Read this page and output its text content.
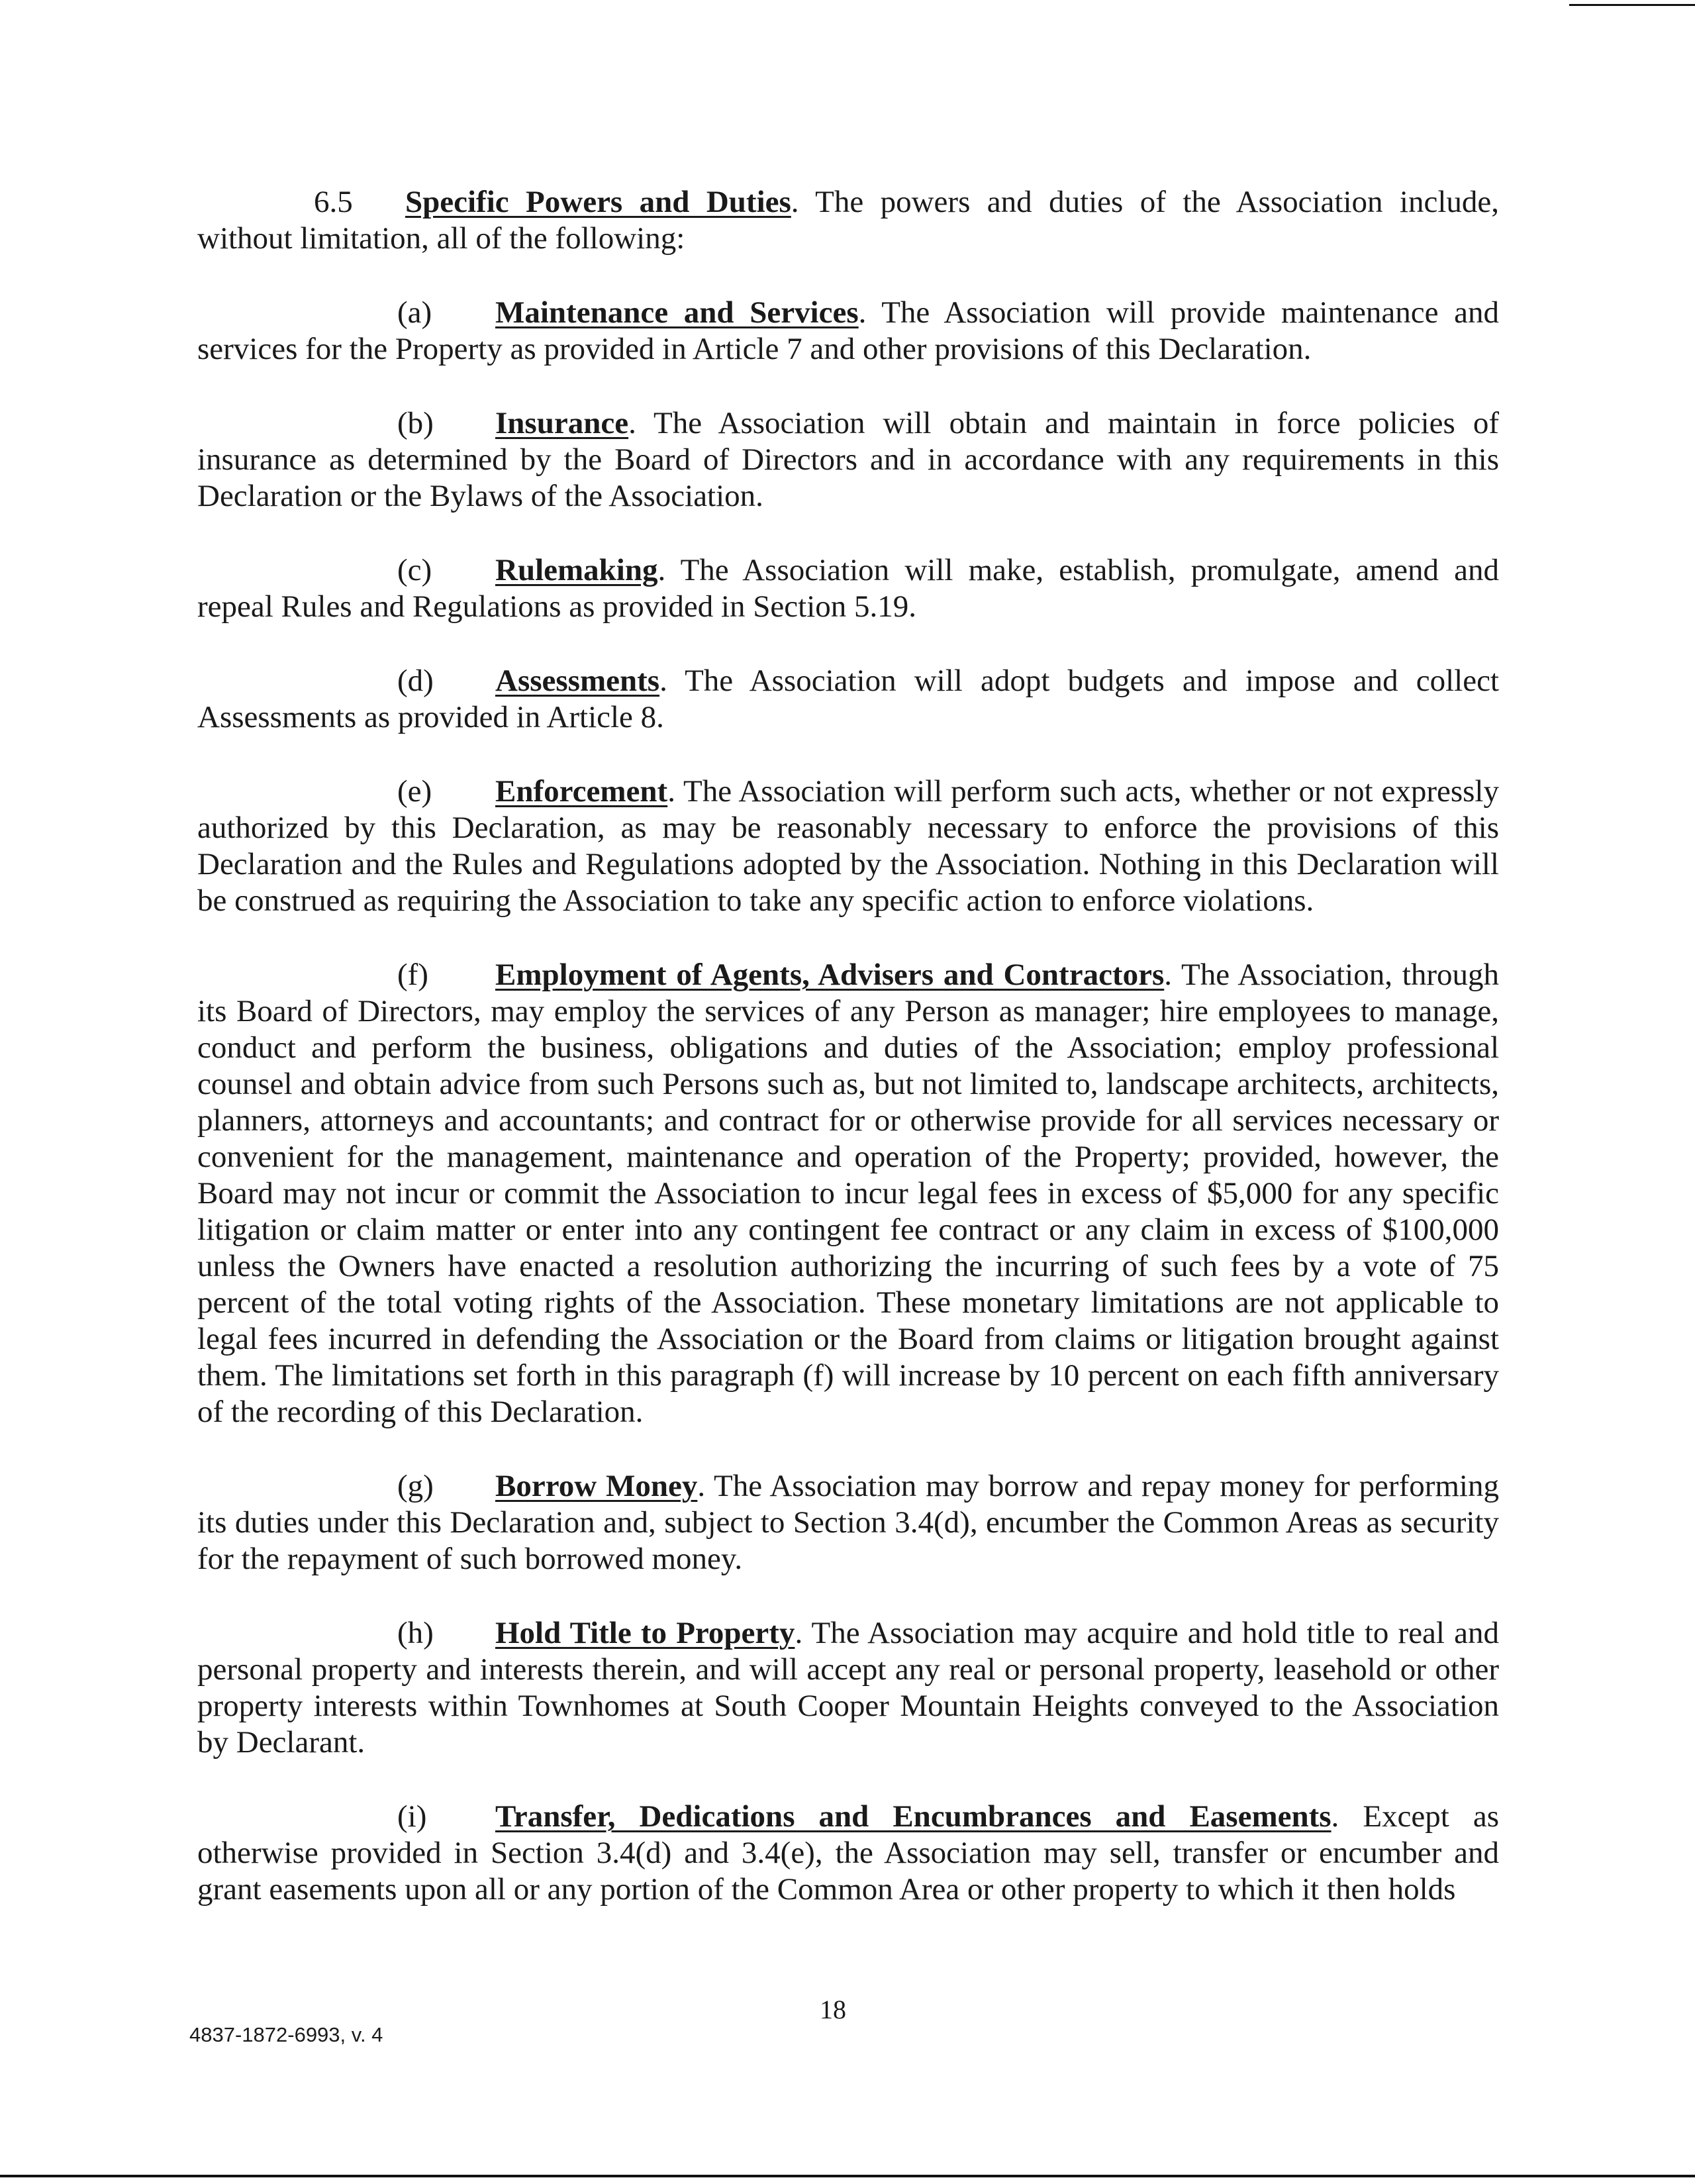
6.5 Specific Powers and Duties. The powers and duties of the Association include, without limitation, all of the following:

(a) Maintenance and Services. The Association will provide maintenance and services for the Property as provided in Article 7 and other provisions of this Declaration.

(b) Insurance. The Association will obtain and maintain in force policies of insurance as determined by the Board of Directors and in accordance with any requirements in this Declaration or the Bylaws of the Association.

(c) Rulemaking. The Association will make, establish, promulgate, amend and repeal Rules and Regulations as provided in Section 5.19.

(d) Assessments. The Association will adopt budgets and impose and collect Assessments as provided in Article 8.

(e) Enforcement. The Association will perform such acts, whether or not expressly authorized by this Declaration, as may be reasonably necessary to enforce the provisions of this Declaration and the Rules and Regulations adopted by the Association. Nothing in this Declaration will be construed as requiring the Association to take any specific action to enforce violations.

(f) Employment of Agents, Advisers and Contractors. The Association, through its Board of Directors, may employ the services of any Person as manager; hire employees to manage, conduct and perform the business, obligations and duties of the Association; employ professional counsel and obtain advice from such Persons such as, but not limited to, landscape architects, architects, planners, attorneys and accountants; and contract for or otherwise provide for all services necessary or convenient for the management, maintenance and operation of the Property; provided, however, the Board may not incur or commit the Association to incur legal fees in excess of $5,000 for any specific litigation or claim matter or enter into any contingent fee contract or any claim in excess of $100,000 unless the Owners have enacted a resolution authorizing the incurring of such fees by a vote of 75 percent of the total voting rights of the Association. These monetary limitations are not applicable to legal fees incurred in defending the Association or the Board from claims or litigation brought against them. The limitations set forth in this paragraph (f) will increase by 10 percent on each fifth anniversary of the recording of this Declaration.

(g) Borrow Money. The Association may borrow and repay money for performing its duties under this Declaration and, subject to Section 3.4(d), encumber the Common Areas as security for the repayment of such borrowed money.

(h) Hold Title to Property. The Association may acquire and hold title to real and personal property and interests therein, and will accept any real or personal property, leasehold or other property interests within Townhomes at South Cooper Mountain Heights conveyed to the Association by Declarant.

(i) Transfer, Dedications and Encumbrances and Easements. Except as otherwise provided in Section 3.4(d) and 3.4(e), the Association may sell, transfer or encumber and grant easements upon all or any portion of the Common Area or other property to which it then holds

18
4837-1872-6993, v. 4
